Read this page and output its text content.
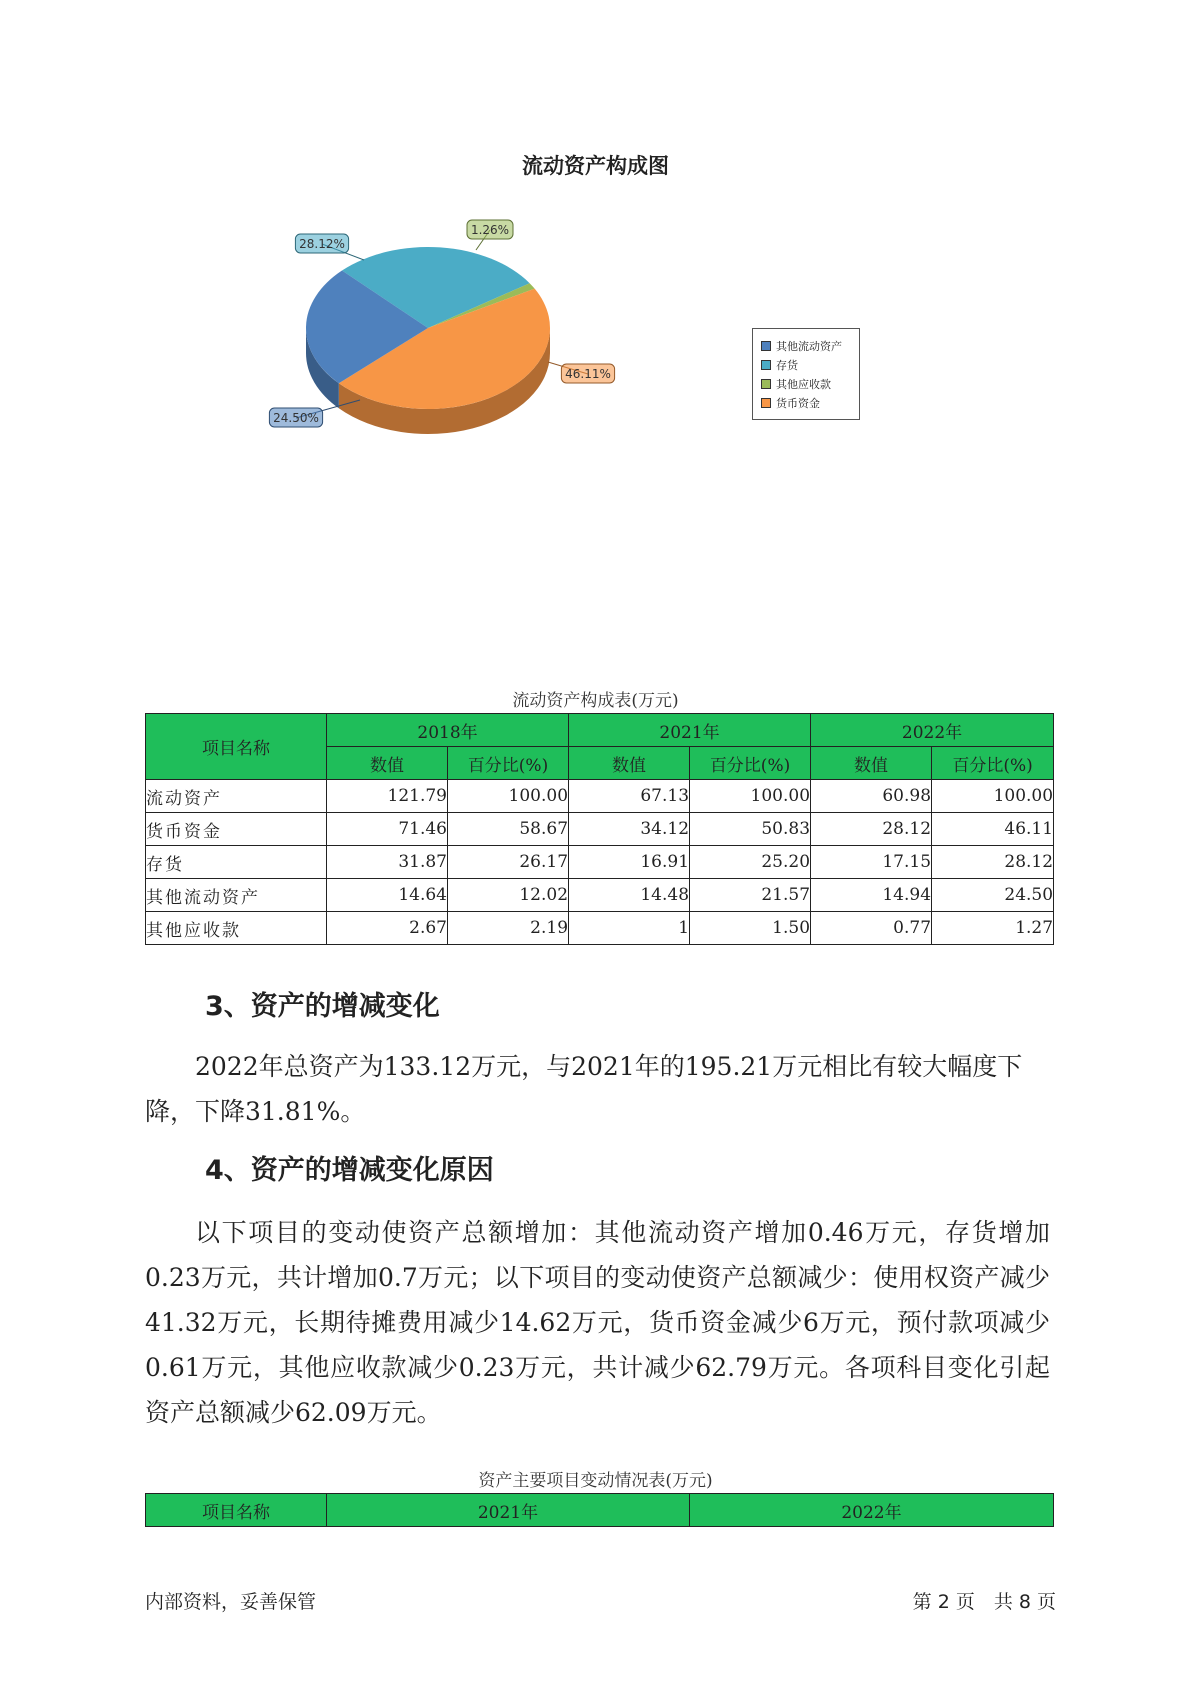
流动资产构成图
28.12%
1.26%
46.11%
24.50%
其他流动资产
存货
其他应收款
货币资金
流动资产构成表(万元)
项目名称	2018年		2021年		2022年	
	数值	百分比(%)	数值	百分比(%)	数值	百分比(%)
流动资产	121.79	100.00	67.13	100.00	60.98	100.00
货币资金	71.46	58.67	34.12	50.83	28.12	46.11
存货	31.87	26.17	16.91	25.20	17.15	28.12
其他流动资产	14.64	12.02	14.48	21.57	14.94	24.50
其他应收款	2.67	2.19	1	1.50	0.77	1.27
3、资产的增减变化
2022年总资产为133.12万元，与2021年的195.21万元相比有较大幅度下降，下降31.81%。
4、资产的增减变化原因
以下项目的变动使资产总额增加：其他流动资产增加0.46万元，存货增加0.23万元，共计增加0.7万元；以下项目的变动使资产总额减少：使用权资产减少41.32万元，长期待摊费用减少14.62万元，货币资金减少6万元，预付款项减少0.61万元，其他应收款减少0.23万元，共计减少62.79万元。各项科目变化引起资产总额减少62.09万元。
资产主要项目变动情况表(万元)
项目名称	2021年	2022年
内部资料，妥善保管	第 2 页　共 8 页
